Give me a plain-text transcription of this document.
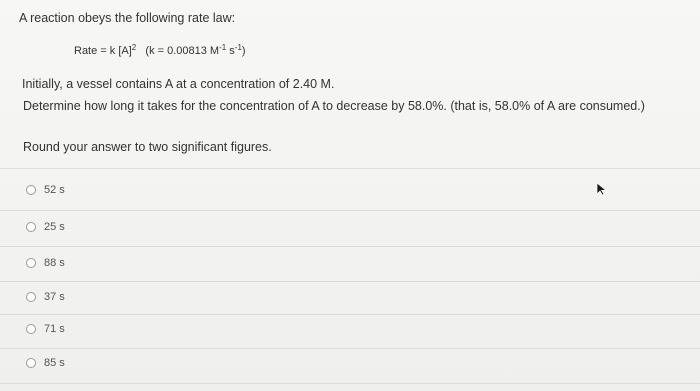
A reaction obeys the following rate law:
Rate = k $[A]^2$ (k = 0.00813 $M^{-1}$ $s^{-1}$)
Initially, a vessel contains A at a concentration of 2.40 M.
Determine how long it takes for the concentration of A to decrease by 58.0%. (that is, 58.0% of A are consumed.)
Round your answer to two significant figures.
52 s
25 s
88 s
37 s
71 s
85 s
